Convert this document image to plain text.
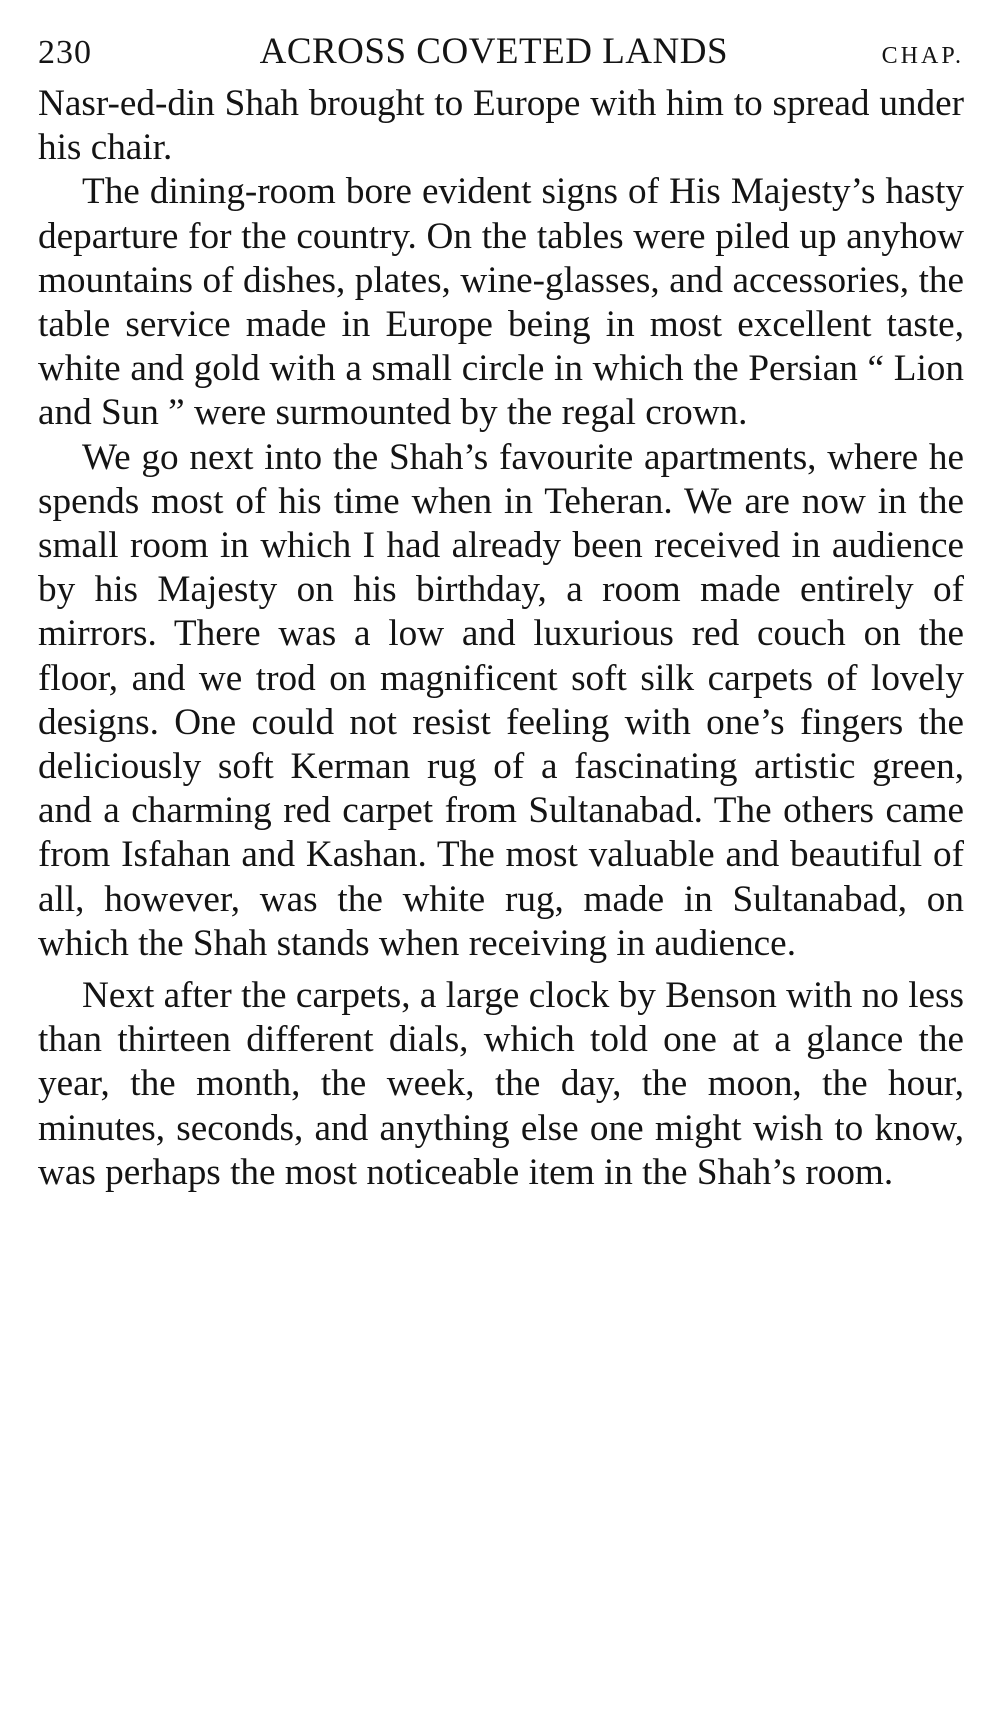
230	ACROSS COVETED LANDS	CHAP.

Nasr-ed-din Shah brought to Europe with him to spread under his chair.

The dining-room bore evident signs of His Majesty’s hasty departure for the country. On the tables were piled up anyhow mountains of dishes, plates, wine-glasses, and accessories, the table service made in Europe being in most excellent taste, white and gold with a small circle in which the Persian “ Lion and Sun ” were surmounted by the regal crown.

We go next into the Shah’s favourite apartments, where he spends most of his time when in Teheran. We are now in the small room in which I had already been received in audience by his Majesty on his birthday, a room made entirely of mirrors. There was a low and luxurious red couch on the floor, and we trod on magnificent soft silk carpets of lovely designs. One could not resist feeling with one’s fingers the deliciously soft Kerman rug of a fascinating artistic green, and a charming red carpet from Sultanabad. The others came from Isfahan and Kashan. The most valuable and beautiful of all, however, was the white rug, made in Sultanabad, on which the Shah stands when receiving in audience.

Next after the carpets, a large clock by Benson with no less than thirteen different dials, which told one at a glance the year, the month, the week, the day, the moon, the hour, minutes, seconds, and anything else one might wish to know, was perhaps the most noticeable item in the Shah’s room.
